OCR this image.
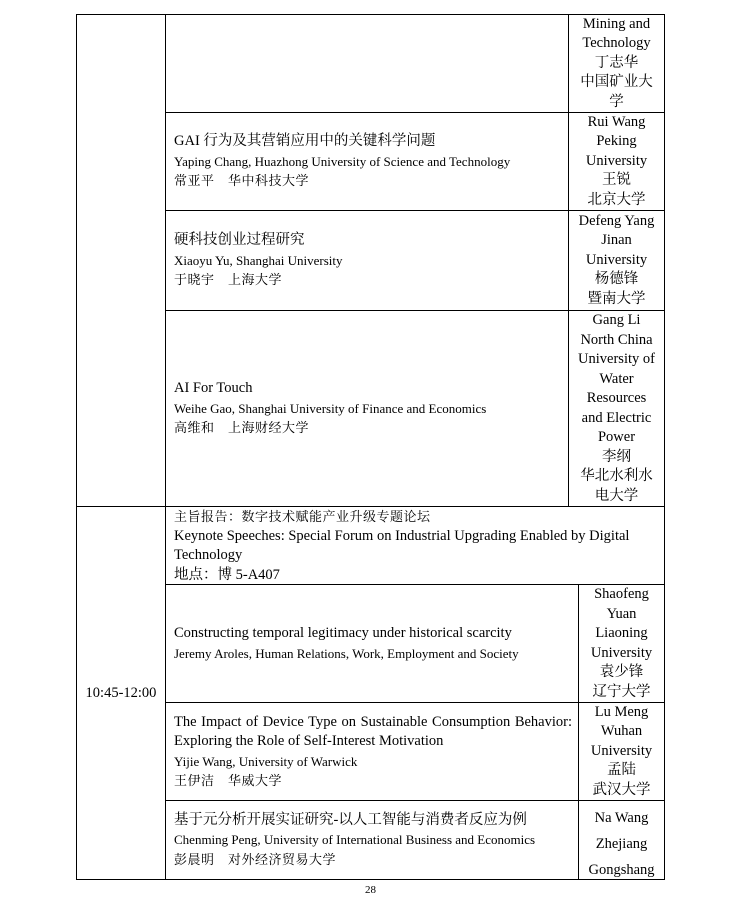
Mining and
Technology
丁志华
中国矿业大
学
GAI 行为及其营销应用中的关键科学问题
Yaping Chang, Huazhong University of Science and Technology
常亚平　华中科技大学
Rui Wang
Peking
University
王锐
北京大学
硬科技创业过程研究
Xiaoyu Yu, Shanghai University
于晓宇　上海大学
Defeng Yang
Jinan
University
杨德锋
暨南大学
AI For Touch
Weihe Gao, Shanghai University of Finance and Economics
高维和　上海财经大学
Gang Li
North China
University of
Water
Resources
and Electric
Power
李纲
华北水利水
电大学
10:45-12:00
主旨报告：数字技术赋能产业升级专题论坛
Keynote Speeches: Special Forum on Industrial Upgrading Enabled by Digital
Technology
地点：博 5-A407
Constructing temporal legitimacy under historical scarcity
Jeremy Aroles, Human Relations, Work, Employment and Society
Shaofeng
Yuan
Liaoning
University
袁少锋
辽宁大学
The Impact of Device Type on Sustainable Consumption Behavior: Exploring the Role of Self-Interest Motivation
Yijie Wang, University of Warwick
王伊洁　华威大学
Lu Meng
Wuhan
University
孟陆
武汉大学
基于元分析开展实证研究-以人工智能与消费者反应为例
Chenming Peng, University of International Business and Economics
彭晨明　对外经济贸易大学
Na Wang
Zhejiang
Gongshang
28
